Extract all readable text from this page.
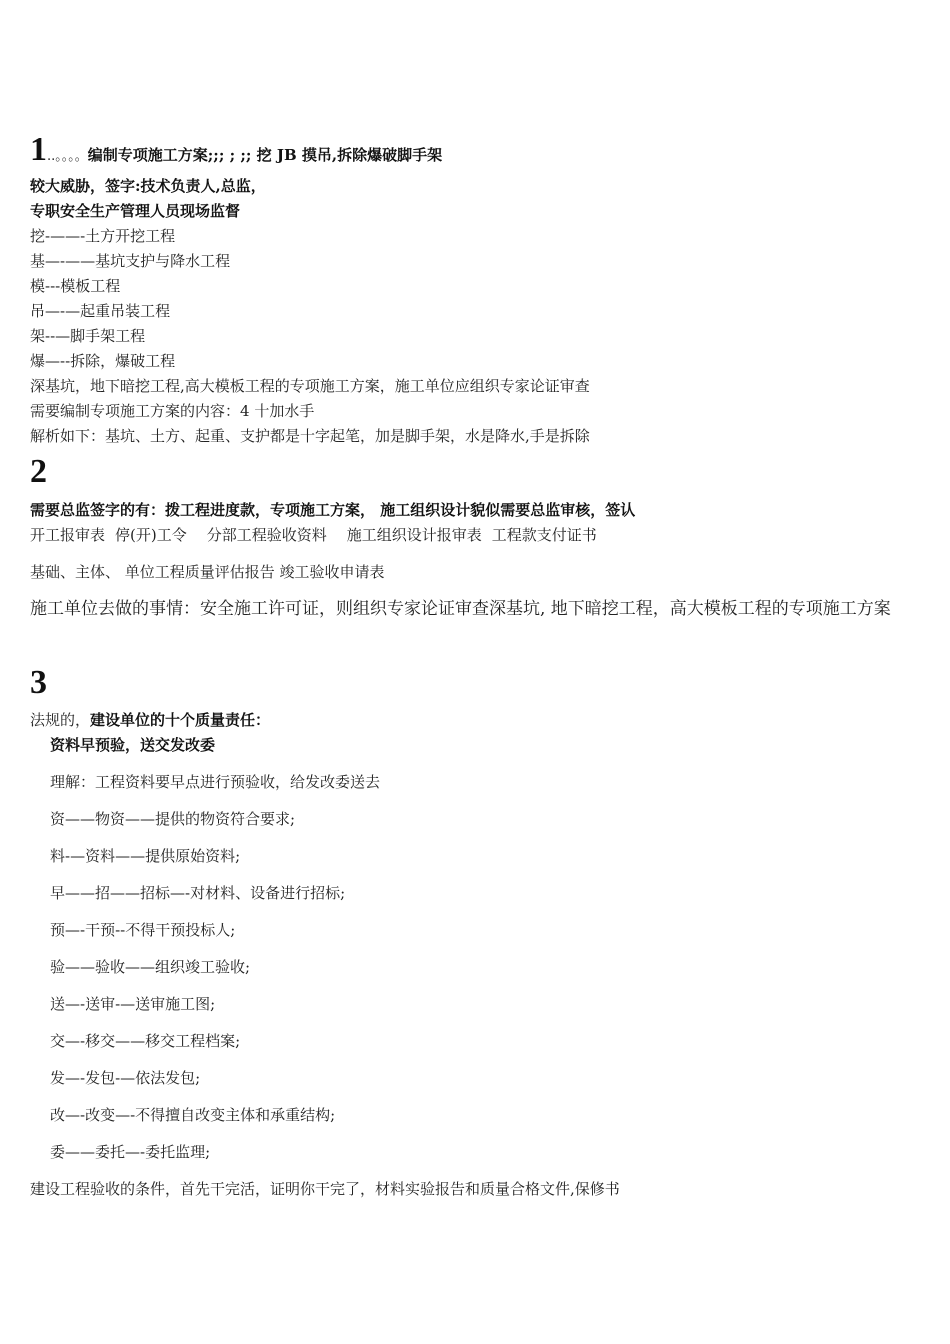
1..。。。。编制专项施工方案;;; ; ;; 挖 JB 摸吊,拆除爆破脚手架
较大威胁，签字:技术负责人,总监，
专职安全生产管理人员现场监督
挖-——-土方开挖工程
基—-——基坑支护与降水工程
模---模板工程
吊—-—起重吊装工程
架--—脚手架工程
爆—--拆除，爆破工程
深基坑，地下暗挖工程,高大模板工程的专项施工方案，施工单位应组织专家论证审查
需要编制专项施工方案的内容：4 十加水手
解析如下：基坑、土方、起重、支护都是十字起笔，加是脚手架，水是降水,手是拆除
2
需要总监签字的有：拨工程进度款，专项施工方案， 施工组织设计貌似需要总监审核，签认
开工报审表 停(开)工令 分部工程验收资料 施工组织设计报审表 工程款支付证书
基础、主体、 单位工程质量评估报告 竣工验收申请表
施工单位去做的事情：安全施工许可证，则组织专家论证审查深基坑, 地下暗挖工程，高大模板工程的专项施工方案
3
法规的，建设单位的十个质量责任：
资料早预验，送交发改委
理解：工程资料要早点进行预验收，给发改委送去
资——物资——提供的物资符合要求;
料-—资料——提供原始资料;
早——招——招标—-对材料、设备进行招标;
预—-干预--不得干预投标人;
验——验收——组织竣工验收;
送—-送审-—送审施工图;
交—-移交——移交工程档案;
发—-发包-—依法发包;
改—-改变—-不得擅自改变主体和承重结构;
委——委托—-委托监理;
建设工程验收的条件，首先干完活，证明你干完了，材料实验报告和质量合格文件,保修书
